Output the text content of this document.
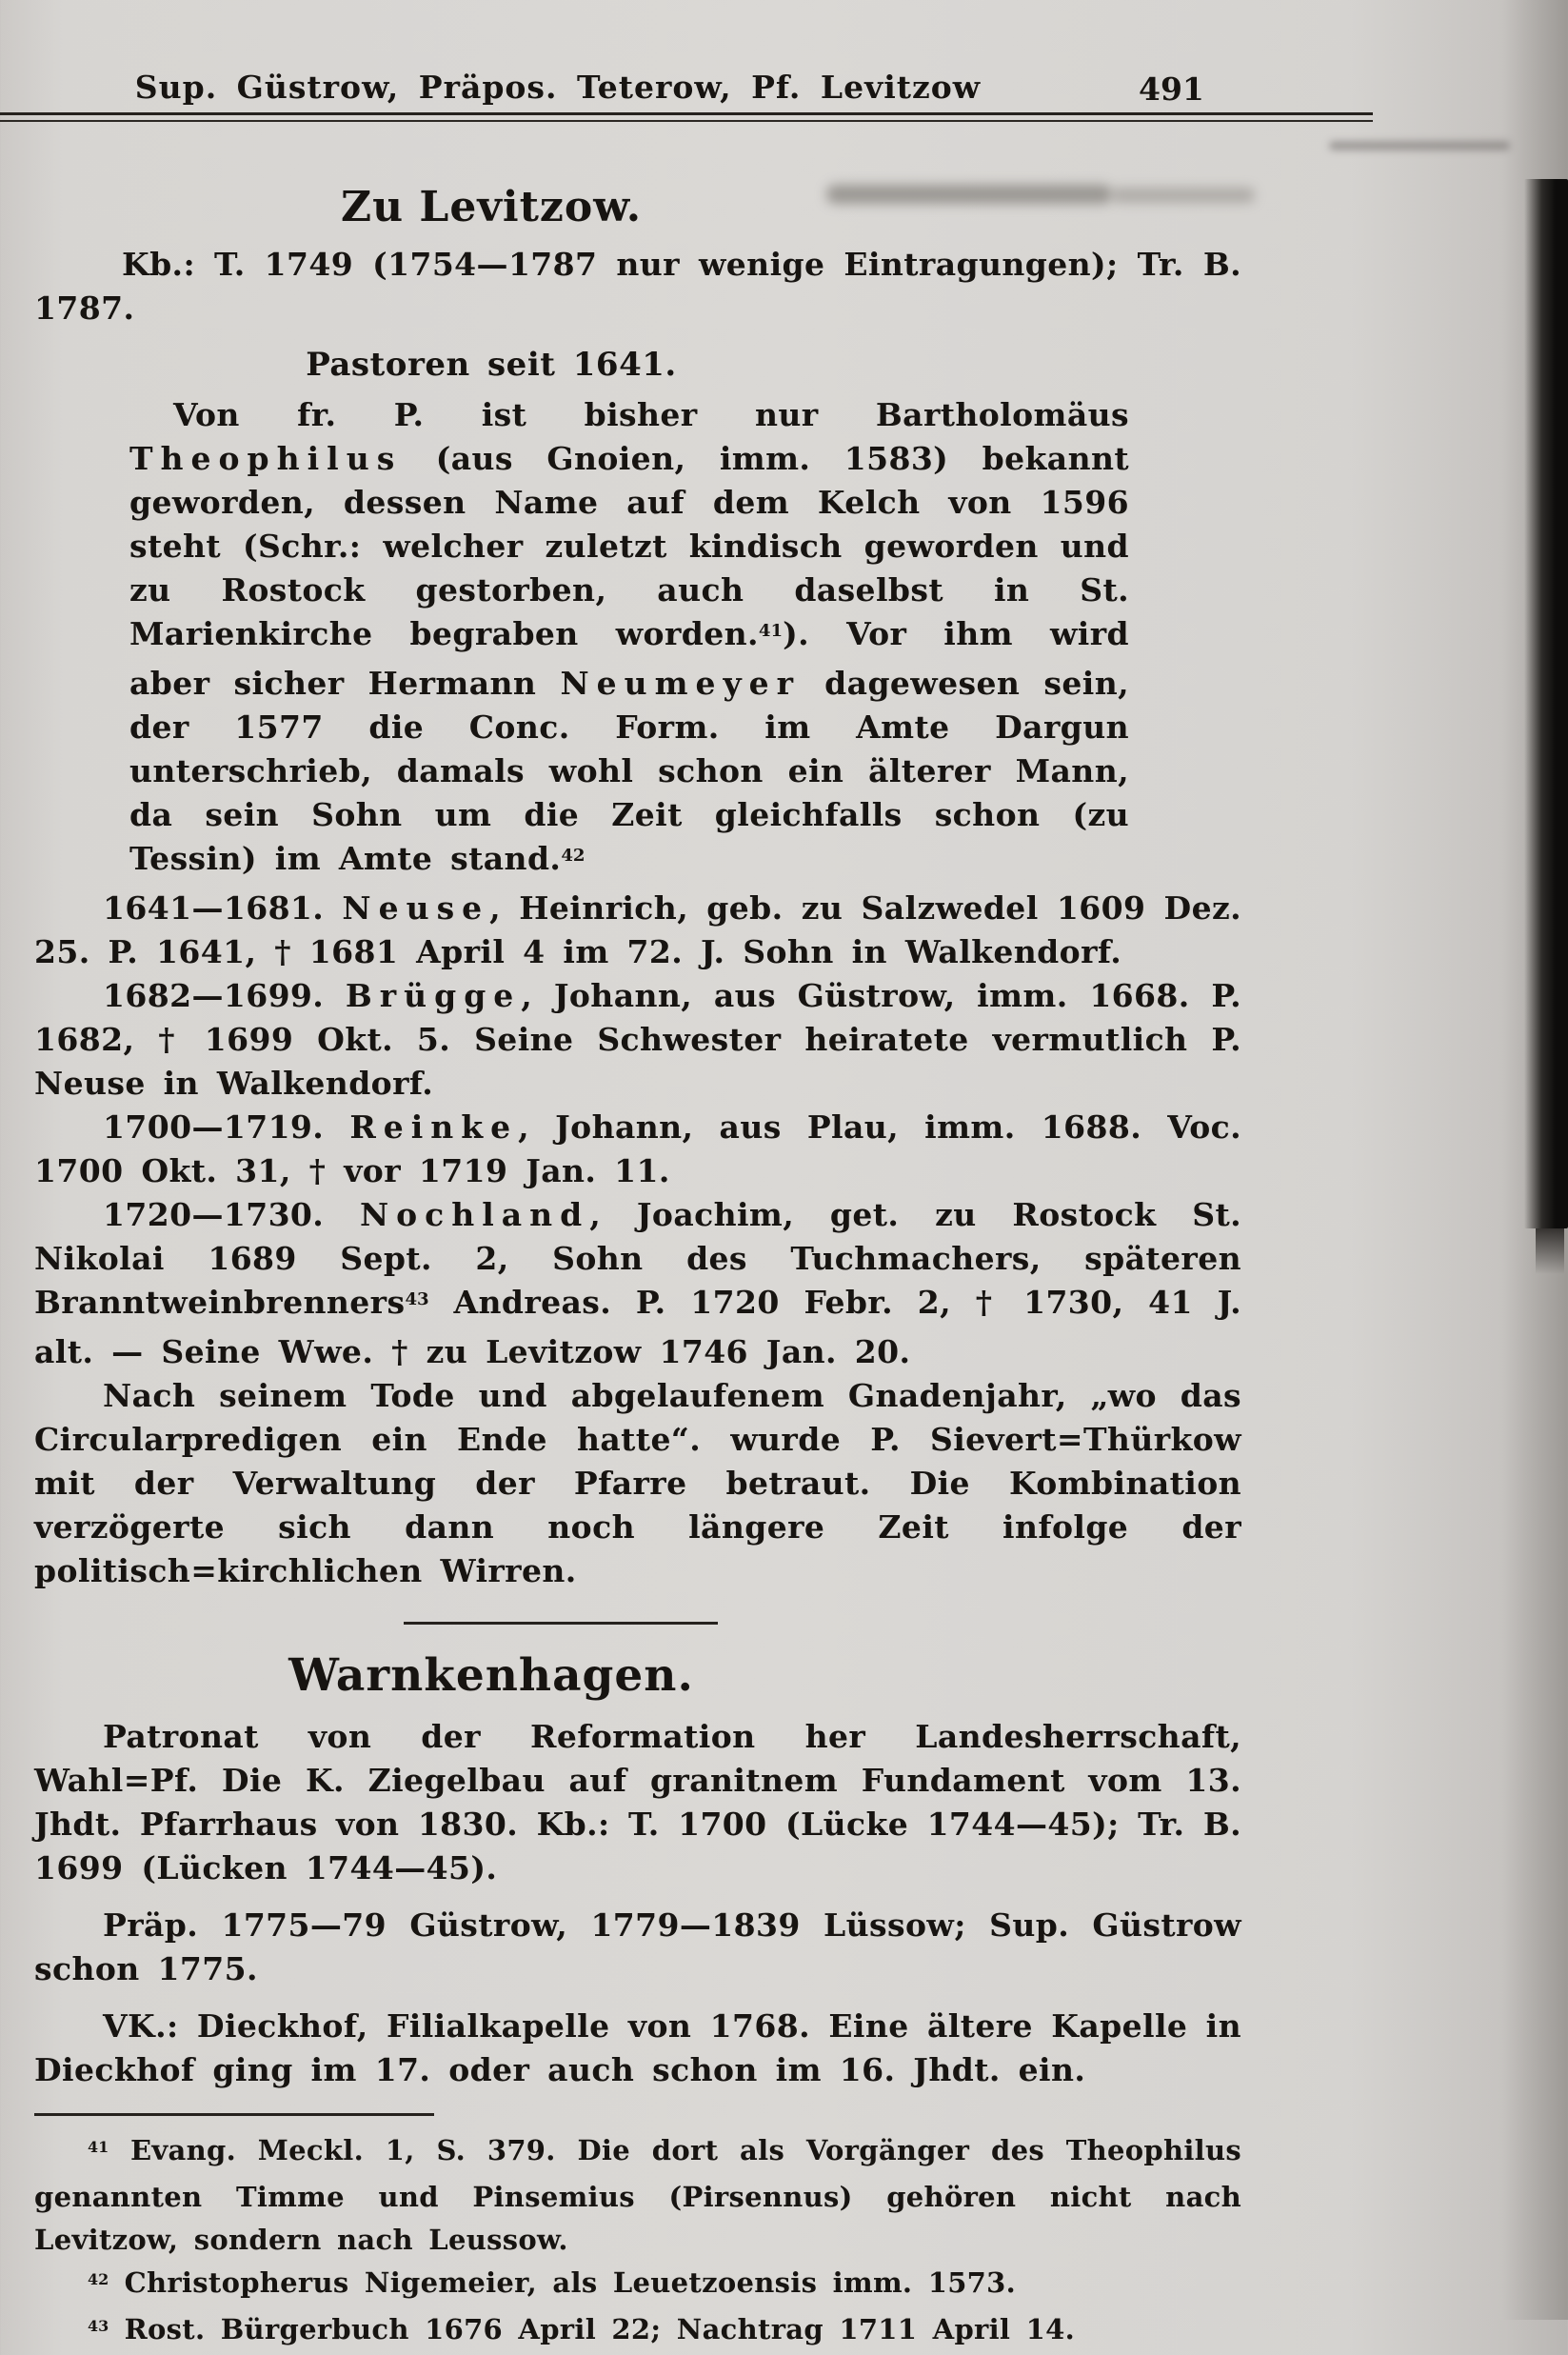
Sup. Güstrow, Präpos. Teterow, Pf. Levitzow	491
Zu Levitzow.

Kb.: T. 1749 (1754—1787 nur wenige Eintragungen); Tr. B. 1787.

Pastoren seit 1641.

Von fr. P. ist bisher nur Bartholomäus Theophilus (aus Gnoien, imm. 1583) bekannt geworden, dessen Name auf dem Kelch von 1596 steht (Schr.: welcher zuletzt kindisch geworden und zu Rostock gestorben, auch daselbst in St. Marienkirche begraben worden.$^{41}$). Vor ihm wird aber sicher Hermann Neumeyer dagewesen sein, der 1577 die Conc. Form. im Amte Dargun unterschrieb, damals wohl schon ein älterer Mann, da sein Sohn um die Zeit gleichfalls schon (zu Tessin) im Amte stand.$^{42}$

1641—1681. Neuse, Heinrich, geb. zu Salzwedel 1609 Dez. 25. P. 1641, † 1681 April 4 im 72. J. Sohn in Walkendorf.

1682—1699. Brügge, Johann, aus Güstrow, imm. 1668. P. 1682, † 1699 Okt. 5. Seine Schwester heiratete vermutlich P. Neuse in Walkendorf.

1700—1719. Reinke, Johann, aus Plau, imm. 1688. Voc. 1700 Okt. 31, † vor 1719 Jan. 11.

1720—1730. Nochland, Joachim, get. zu Rostock St. Nikolai 1689 Sept. 2, Sohn des Tuchmachers, späteren Branntweinbrenners$^{43}$ Andreas. P. 1720 Febr. 2, † 1730, 41 J. alt. — Seine Wwe. † zu Levitzow 1746 Jan. 20.

Nach seinem Tode und abgelaufenem Gnadenjahr, „wo das Circularpredigen ein Ende hatte“. wurde P. Sievert=Thürkow mit der Verwaltung der Pfarre betraut. Die Kombination verzögerte sich dann noch längere Zeit infolge der politisch=kirchlichen Wirren.

Warnkenhagen.

Patronat von der Reformation her Landesherrschaft, Wahl=Pf. Die K. Ziegelbau auf granitnem Fundament vom 13. Jhdt. Pfarrhaus von 1830. Kb.: T. 1700 (Lücke 1744—45); Tr. B. 1699 (Lücken 1744—45).

Präp. 1775—79 Güstrow, 1779—1839 Lüssow; Sup. Güstrow schon 1775.

VK.: Dieckhof, Filialkapelle von 1768. Eine ältere Kapelle in Dieckhof ging im 17. oder auch schon im 16. Jhdt. ein.

$^{41}$ Evang. Meckl. 1, S. 379. Die dort als Vorgänger des Theophilus genannten Timme und Pinsemius (Pirsennus) gehören nicht nach Levitzow, sondern nach Leussow.

$^{42}$ Christopherus Nigemeier, als Leuetzoensis imm. 1573.

$^{43}$ Rost. Bürgerbuch 1676 April 22; Nachtrag 1711 April 14.
